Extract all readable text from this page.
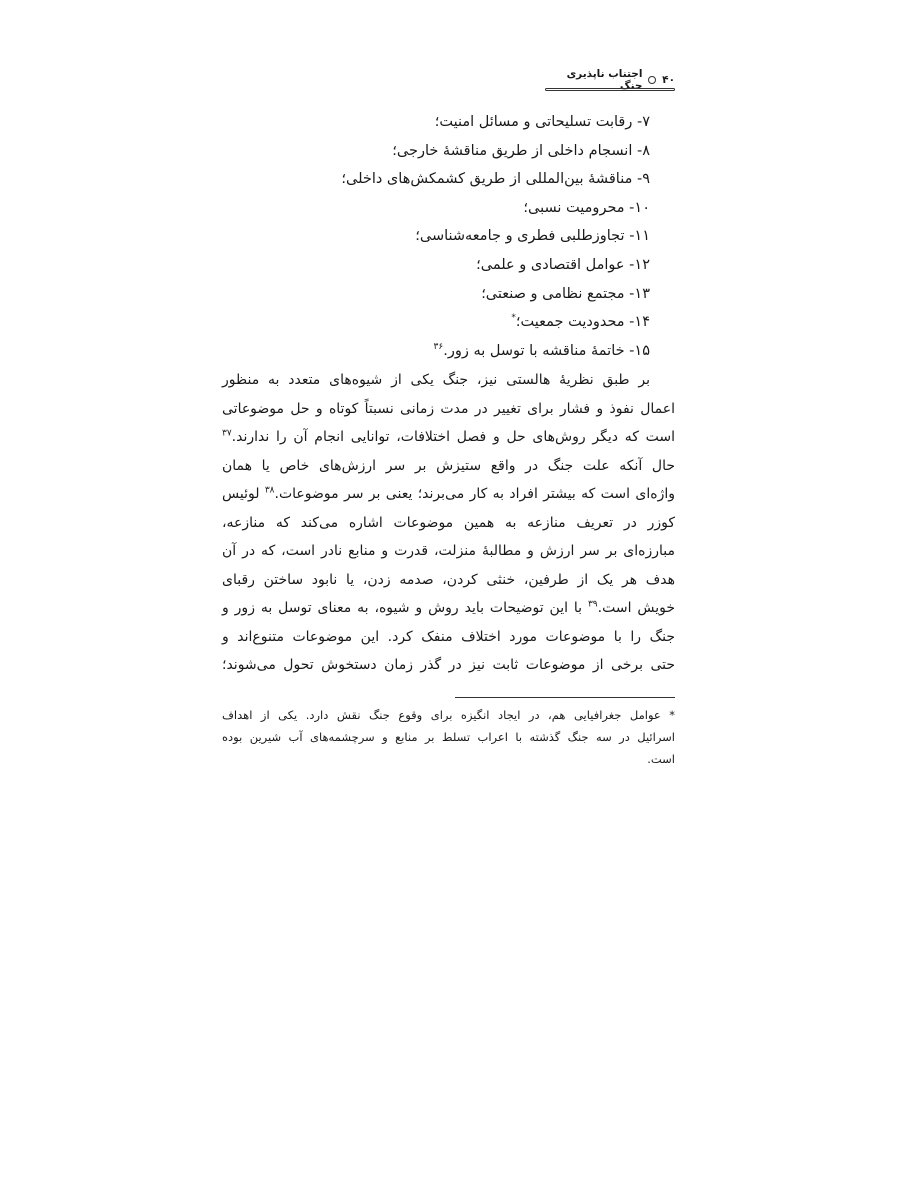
۴۰
اجتناب ناپذیری جنگ
۷- رقابت تسلیحاتی و مسائل امنیت؛
۸- انسجام داخلی از طریق مناقشهٔ خارجی؛
۹- مناقشهٔ بین‌المللی از طریق کشمکش‌های داخلی؛
۱۰- محرومیت نسبی؛
۱۱- تجاوزطلبی فطری و جامعه‌شناسی؛
۱۲- عوامل اقتصادی و علمی؛
۱۳- مجتمع نظامی و صنعتی؛
۱۴- محدودیت جمعیت؛*
۱۵- خاتمهٔ مناقشه با توسل به زور.$^{۳۶}$
بر طبق نظریهٔ هالستی نیز، جنگ یکی از شیوه‌های متعدد به منظور
اعمال نفوذ و فشار برای تغییر در مدت زمانی نسبتاً کوتاه و حل موضوعاتی
است که دیگر روش‌های حل و فصل اختلافات، توانایی انجام آن را ندارند.$^{۳۷}$
حال آنکه علت جنگ در واقع ستیزش بر سر ارزش‌های خاص یا همان
واژه‌ای است که بیشتر افراد به کار می‌برند؛ یعنی بر سر موضوعات.$^{۳۸}$ لوئیس
کوزر در تعریف منازعه به همین موضوعات اشاره می‌کند که منازعه،
مبارزه‌ای بر سر ارزش و مطالبهٔ منزلت، قدرت و منابع نادر است، که در آن
هدف هر یک از طرفین، خنثی کردن، صدمه زدن، یا نابود ساختن رقبای
خویش است.$^{۳۹}$ با این توضیحات باید روش و شیوه، به معنای توسل به زور و
جنگ را با موضوعات مورد اختلاف منفک کرد. این موضوعات متنوع‌اند و
حتی برخی از موضوعات ثابت نیز در گذر زمان دستخوش تحول می‌شوند؛
* عوامل جغرافیایی هم، در ایجاد انگیزه برای وقوع جنگ نقش دارد. یکی از اهداف
اسرائیل در سه جنگ گذشته با اعراب تسلط بر منابع و سرچشمه‌های آب شیرین بوده
است.
